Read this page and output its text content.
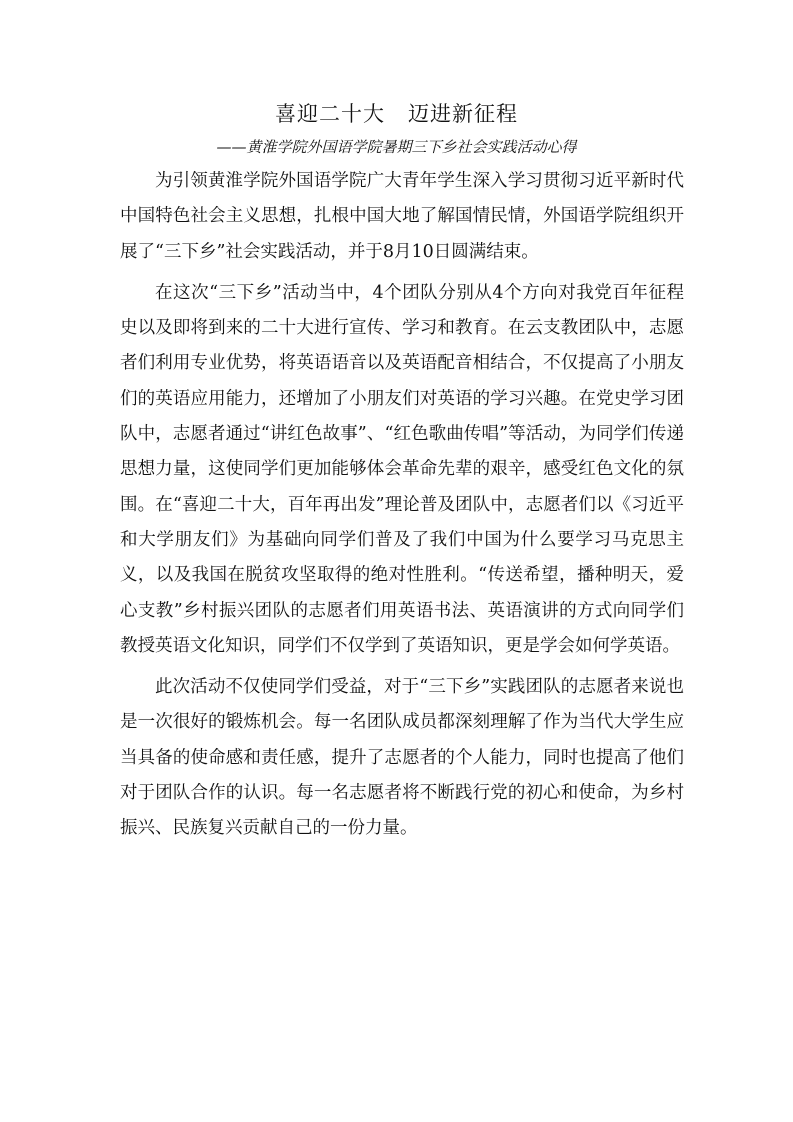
喜迎二十大   迈进新征程

——黄淮学院外国语学院暑期三下乡社会实践活动心得

为引领黄淮学院外国语学院广大青年学生深入学习贯彻习近平新时代中国特色社会主义思想，扎根中国大地了解国情民情，外国语学院组织开展了“三下乡”社会实践活动，并于8月10日圆满结束。

在这次“三下乡”活动当中，4个团队分别从4个方向对我党百年征程史以及即将到来的二十大进行宣传、学习和教育。在云支教团队中，志愿者们利用专业优势，将英语语音以及英语配音相结合，不仅提高了小朋友们的英语应用能力，还增加了小朋友们对英语的学习兴趣。在党史学习团队中，志愿者通过“讲红色故事”、“红色歌曲传唱”等活动，为同学们传递思想力量，这使同学们更加能够体会革命先辈的艰辛，感受红色文化的氛围。在“喜迎二十大，百年再出发”理论普及团队中，志愿者们以《习近平和大学朋友们》为基础向同学们普及了我们中国为什么要学习马克思主义，以及我国在脱贫攻坚取得的绝对性胜利。“传送希望，播种明天，爱心支教”乡村振兴团队的志愿者们用英语书法、英语演讲的方式向同学们教授英语文化知识，同学们不仅学到了英语知识，更是学会如何学英语。

此次活动不仅使同学们受益，对于“三下乡”实践团队的志愿者来说也是一次很好的锻炼机会。每一名团队成员都深刻理解了作为当代大学生应当具备的使命感和责任感，提升了志愿者的个人能力，同时也提高了他们对于团队合作的认识。每一名志愿者将不断践行党的初心和使命，为乡村振兴、民族复兴贡献自己的一份力量。
